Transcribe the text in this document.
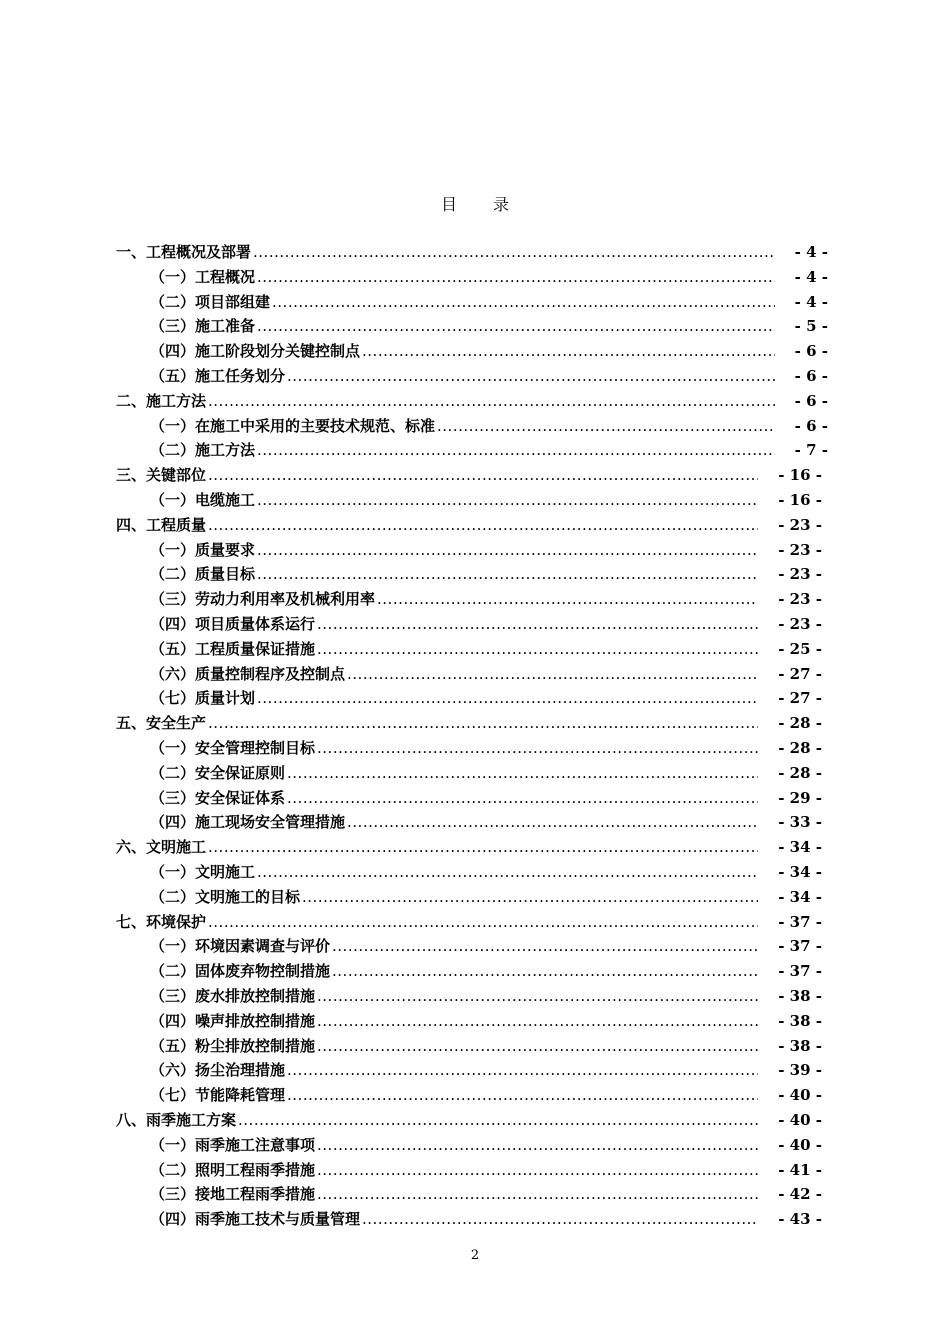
目 录
一、工程概况及部署 .....	- 4 -
（一）工程概况 .....	- 4 -
（二）项目部组建 .....	- 4 -
（三）施工准备 .....	- 5 -
（四）施工阶段划分关键控制点 .....	- 6 -
（五）施工任务划分 .....	- 6 -
二、施工方法 .....	- 6 -
（一）在施工中采用的主要技术规范、标准 .....	- 6 -
（二）施工方法 .....	- 7 -
三、关键部位 .....	- 16 -
（一）电缆施工 .....	- 16 -
四、工程质量 .....	- 23 -
（一）质量要求 .....	- 23 -
（二）质量目标 .....	- 23 -
（三）劳动力利用率及机械利用率 .....	- 23 -
（四）项目质量体系运行 .....	- 23 -
（五）工程质量保证措施 .....	- 25 -
（六）质量控制程序及控制点 .....	- 27 -
（七）质量计划 .....	- 27 -
五、安全生产 .....	- 28 -
（一）安全管理控制目标 .....	- 28 -
（二）安全保证原则 .....	- 28 -
（三）安全保证体系 .....	- 29 -
（四）施工现场安全管理措施 .....	- 33 -
六、文明施工 .....	- 34 -
（一）文明施工 .....	- 34 -
（二）文明施工的目标 .....	- 34 -
七、环境保护 .....	- 37 -
（一）环境因素调查与评价 .....	- 37 -
（二）固体废弃物控制措施 .....	- 37 -
（三）废水排放控制措施 .....	- 38 -
（四）噪声排放控制措施 .....	- 38 -
（五）粉尘排放控制措施 .....	- 38 -
（六）扬尘治理措施 .....	- 39 -
（七）节能降耗管理 .....	- 40 -
八、雨季施工方案 .....	- 40 -
（一）雨季施工注意事项 .....	- 40 -
（二）照明工程雨季措施 .....	- 41 -
（三）接地工程雨季措施 .....	- 42 -
（四）雨季施工技术与质量管理 .....	- 43 -
2
